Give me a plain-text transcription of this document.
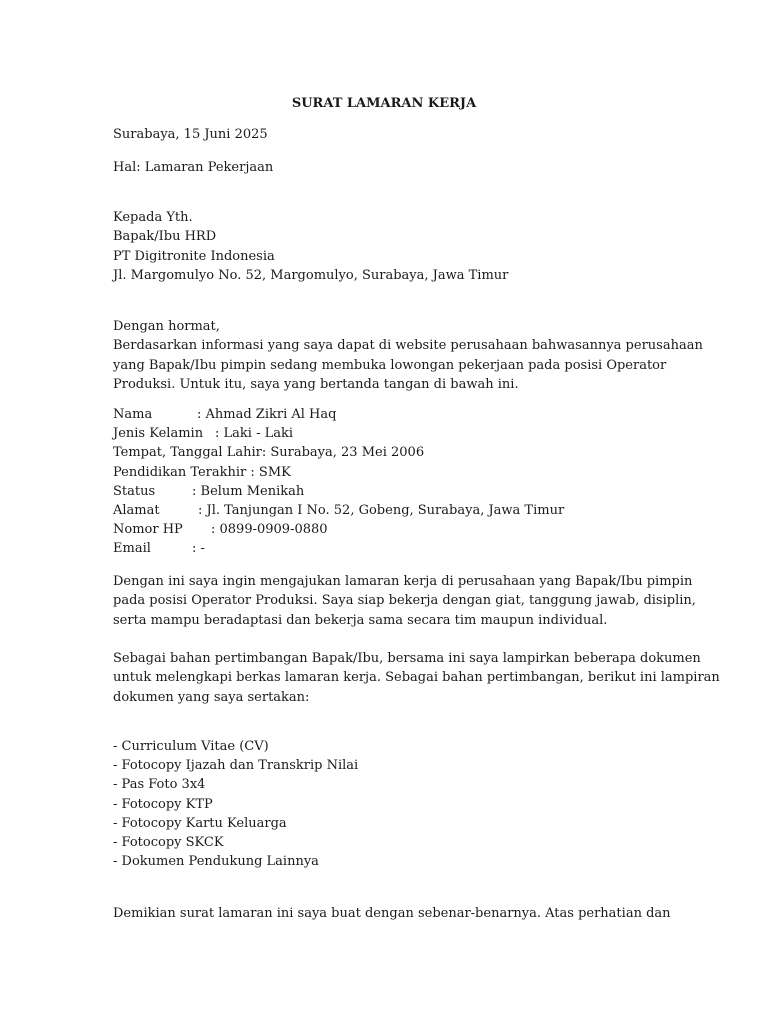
SURAT LAMARAN KERJA
Surabaya, 15 Juni 2025
Hal: Lamaran Pekerjaan
Kepada Yth.
Bapak/Ibu HRD
PT Digitronite Indonesia
Jl. Margomulyo No. 52, Margomulyo, Surabaya, Jawa Timur
Dengan hormat,
Berdasarkan informasi yang saya dapat di website perusahaan bahwasannya perusahaan
yang Bapak/Ibu pimpin sedang membuka lowongan pekerjaan pada posisi Operator
Produksi. Untuk itu, saya yang bertanda tangan di bawah ini.
Nama	: Ahmad Zikri Al Haq
Jenis Kelamin : Laki - Laki
Tempat, Tanggal Lahir: Surabaya, 23 Mei 2006
Pendidikan Terakhir : SMK
Status	: Belum Menikah
Alamat	: Jl. Tanjungan I No. 52, Gobeng, Surabaya, Jawa Timur
Nomor HP : 0899-0909-0880
Email	: -
Dengan ini saya ingin mengajukan lamaran kerja di perusahaan yang Bapak/Ibu pimpin
pada posisi Operator Produksi. Saya siap bekerja dengan giat, tanggung jawab, disiplin,
serta mampu beradaptasi dan bekerja sama secara tim maupun individual.
Sebagai bahan pertimbangan Bapak/Ibu, bersama ini saya lampirkan beberapa dokumen
untuk melengkapi berkas lamaran kerja. Sebagai bahan pertimbangan, berikut ini lampiran
dokumen yang saya sertakan:
- Curriculum Vitae (CV)
- Fotocopy Ijazah dan Transkrip Nilai
- Pas Foto 3x4
- Fotocopy KTP
- Fotocopy Kartu Keluarga
- Fotocopy SKCK
- Dokumen Pendukung Lainnya
Demikian surat lamaran ini saya buat dengan sebenar-benarnya. Atas perhatian dan
